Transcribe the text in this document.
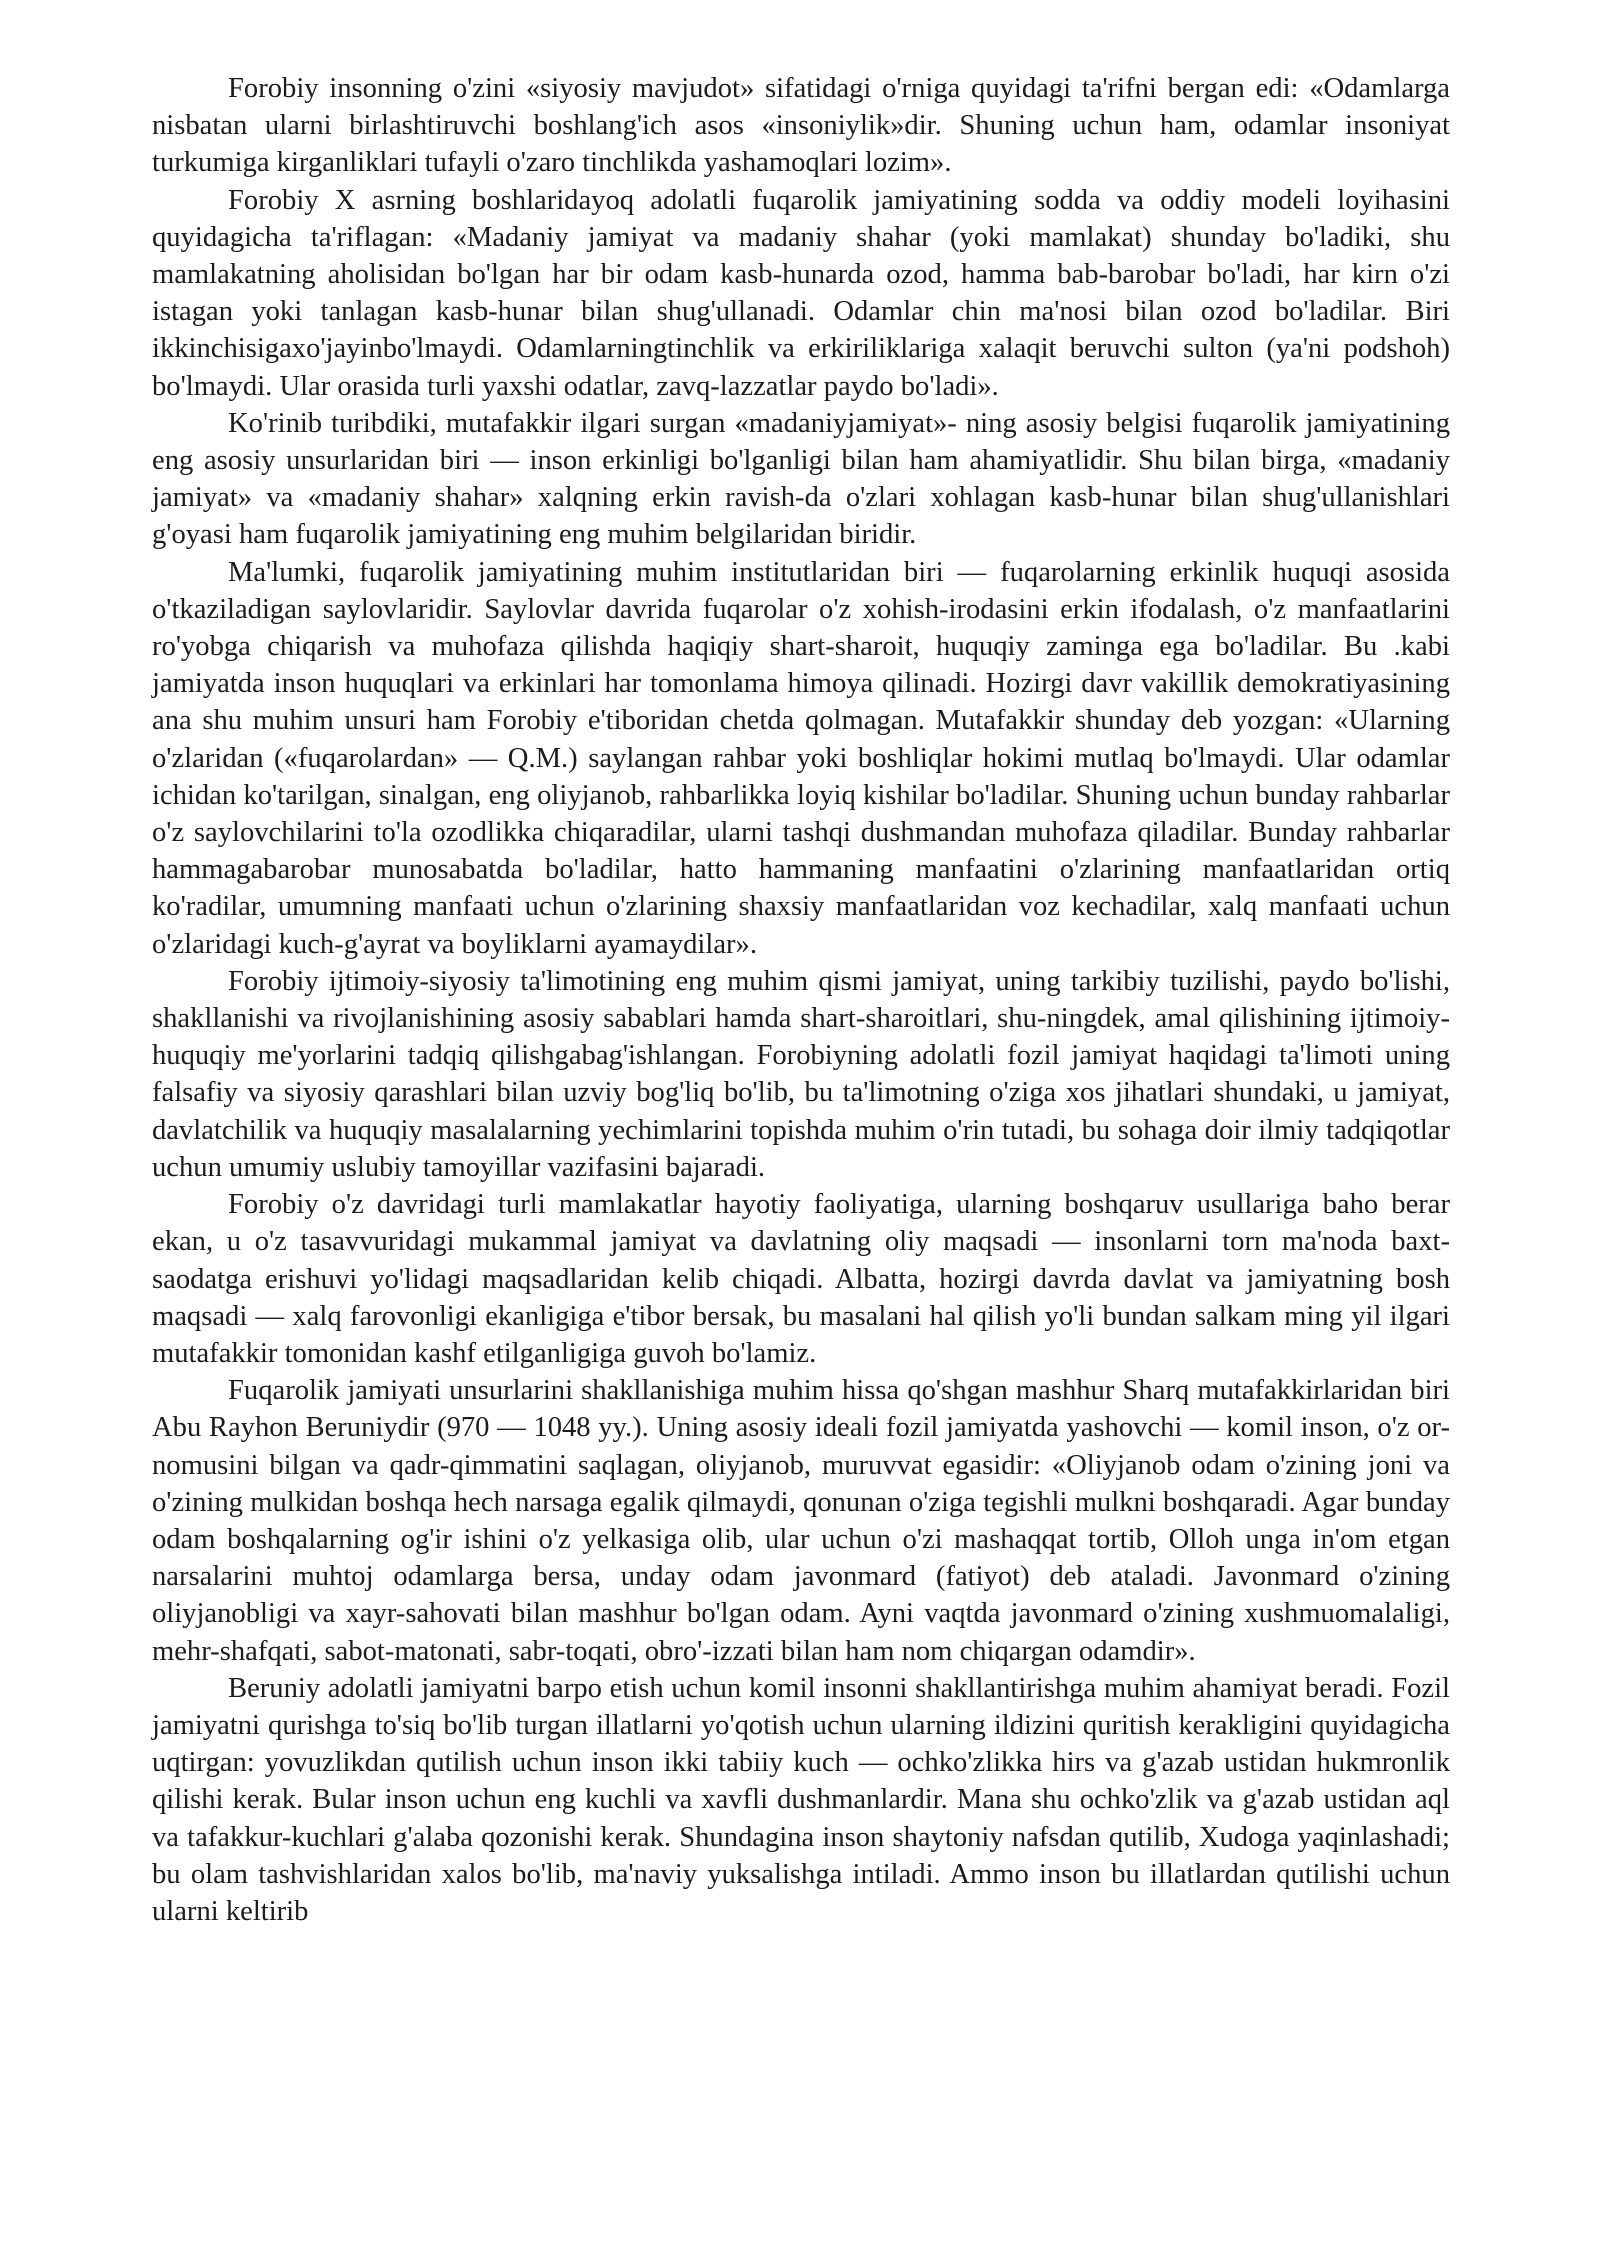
Forobiy insonning o'zini «siyosiy mavjudot» sifatidagi o'rniga quyidagi ta'rifni bergan edi: «Odamlarga nisbatan ularni birlashtiruvchi boshlang'ich asos «insoniylik»dir. Shuning uchun ham, odamlar insoniyat turkumiga kirganliklari tufayli o'zaro tinchlikda yashamoqlari lozim».

Forobiy X asrning boshlaridayoq adolatli fuqarolik jamiyatining sodda va oddiy modeli loyihasini quyidagicha ta'riflagan: «Madaniy jamiyat va madaniy shahar (yoki mamlakat) shunday bo'ladiki, shu mamlakatning aholisidan bo'lgan har bir odam kasb-hunarda ozod, hamma bab-barobar bo'ladi, har kirn o'zi istagan yoki tanlagan kasb-hunar bilan shug'ullanadi. Odamlar chin ma'nosi bilan ozod bo'ladilar. Biri ikkinchisigaxo'jayinbo'lmaydi. Odamlarningtinchlik va erkiriliklariga xalaqit beruvchi sulton (ya'ni podshoh) bo'lmaydi. Ular orasida turli yaxshi odatlar, zavq-lazzatlar paydo bo'ladi».

Ko'rinib turibdiki, mutafakkir ilgari surgan «madaniyjamiyat»- ning asosiy belgisi fuqarolik jamiyatining eng asosiy unsurlaridan biri — inson erkinligi bo'lganligi bilan ham ahamiyatlidir. Shu bilan birga, «madaniy jamiyat» va «madaniy shahar» xalqning erkin ravish-da o'zlari xohlagan kasb-hunar bilan shug'ullanishlari g'oyasi ham fuqarolik jamiyatining eng muhim belgilaridan biridir.

Ma'lumki, fuqarolik jamiyatining muhim institutlaridan biri — fuqarolarning erkinlik huquqi asosida o'tkaziladigan saylovlaridir. Saylovlar davrida fuqarolar o'z xohish-irodasini erkin ifodalash, o'z manfaatlarini ro'yobga chiqarish va muhofaza qilishda haqiqiy shart-sharoit, huquqiy zaminga ega bo'ladilar. Bu .kabi jamiyatda inson huquqlari va erkinlari har tomonlama himoya qilinadi. Hozirgi davr vakillik demokratiyasining ana shu muhim unsuri ham Forobiy e'tiboridan chetda qolmagan. Mutafakkir shunday deb yozgan: «Ularning o'zlaridan («fuqarolardan» — Q.M.) saylangan rahbar yoki boshliqlar hokimi mutlaq bo'lmaydi. Ular odamlar ichidan ko'tarilgan, sinalgan, eng oliyjanob, rahbarlikka loyiq kishilar bo'ladilar. Shuning uchun bunday rahbarlar o'z saylovchilarini to'la ozodlikka chiqaradilar, ularni tashqi dushmandan muhofaza qiladilar. Bunday rahbarlar hammagabarobar munosabatda bo'ladilar, hatto hammaning manfaatini o'zlarining manfaatlaridan ortiq ko'radilar, umumning manfaati uchun o'zlarining shaxsiy manfaatlaridan voz kechadilar, xalq manfaati uchun o'zlaridagi kuch-g'ayrat va boyliklarni ayamaydilar».

Forobiy ijtimoiy-siyosiy ta'limotining eng muhim qismi jamiyat, uning tarkibiy tuzilishi, paydo bo'lishi, shakllanishi va rivojlanishining asosiy sabablari hamda shart-sharoitlari, shu-ningdek, amal qilishining ijtimoiy-huquqiy me'yorlarini tadqiq qilishgabag'ishlangan. Forobiyning adolatli fozil jamiyat haqidagi ta'limoti uning falsafiy va siyosiy qarashlari bilan uzviy bog'liq bo'lib, bu ta'limotning o'ziga xos jihatlari shundaki, u jamiyat, davlatchilik va huquqiy masalalarning yechimlarini topishda muhim o'rin tutadi, bu sohaga doir ilmiy tadqiqotlar uchun umumiy uslubiy tamoyillar vazifasini bajaradi.

Forobiy o'z davridagi turli mamlakatlar hayotiy faoliyatiga, ularning boshqaruv usullariga baho berar ekan, u o'z tasavvuridagi mukammal jamiyat va davlatning oliy maqsadi — insonlarni torn ma'noda baxt-saodatga erishuvi yo'lidagi maqsadlaridan kelib chiqadi. Albatta, hozirgi davrda davlat va jamiyatning bosh maqsadi — xalq farovonligi ekanligiga e'tibor bersak, bu masalani hal qilish yo'li bundan salkam ming yil ilgari mutafakkir tomonidan kashf etilganligiga guvoh bo'lamiz.

Fuqarolik jamiyati unsurlarini shakllanishiga muhim hissa qo'shgan mashhur Sharq mutafakkirlaridan biri Abu Rayhon Beruniydir (970 — 1048 yy.). Uning asosiy ideali fozil jamiyatda yashovchi — komil inson, o'z or-nomusini bilgan va qadr-qimmatini saqlagan, oliyjanob, muruvvat egasidir: «Oliyjanob odam o'zining joni va o'zining mulkidan boshqa hech narsaga egalik qilmaydi, qonunan o'ziga tegishli mulkni boshqaradi. Agar bunday odam boshqalarning og'ir ishini o'z yelkasiga olib, ular uchun o'zi mashaqqat tortib, Olloh unga in'om etgan narsalarini muhtoj odamlarga bersa, unday odam javonmard (fatiyot) deb ataladi. Javonmard o'zining oliyjanobligi va xayr-sahovati bilan mashhur bo'lgan odam. Ayni vaqtda javonmard o'zining xushmuomalaligi, mehr-shafqati, sabot-matonati, sabr-toqati, obro'-izzati bilan ham nom chiqargan odamdir».

Beruniy adolatli jamiyatni barpo etish uchun komil insonni shakllantirishga muhim ahamiyat beradi. Fozil jamiyatni qurishga to'siq bo'lib turgan illatlarni yo'qotish uchun ularning ildizini quritish kerakligini quyidagicha uqtirgan: yovuzlikdan qutilish uchun inson ikki tabiiy kuch — ochko'zlikka hirs va g'azab ustidan hukmronlik qilishi kerak. Bular inson uchun eng kuchli va xavfli dushmanlardir. Mana shu ochko'zlik va g'azab ustidan aql va tafakkur-kuchlari g'alaba qozonishi kerak. Shundagina inson shaytoniy nafsdan qutilib, Xudoga yaqinlashadi; bu olam tashvishlaridan xalos bo'lib, ma'naviy yuksalishga intiladi. Ammo inson bu illatlardan qutilishi uchun ularni keltirib
